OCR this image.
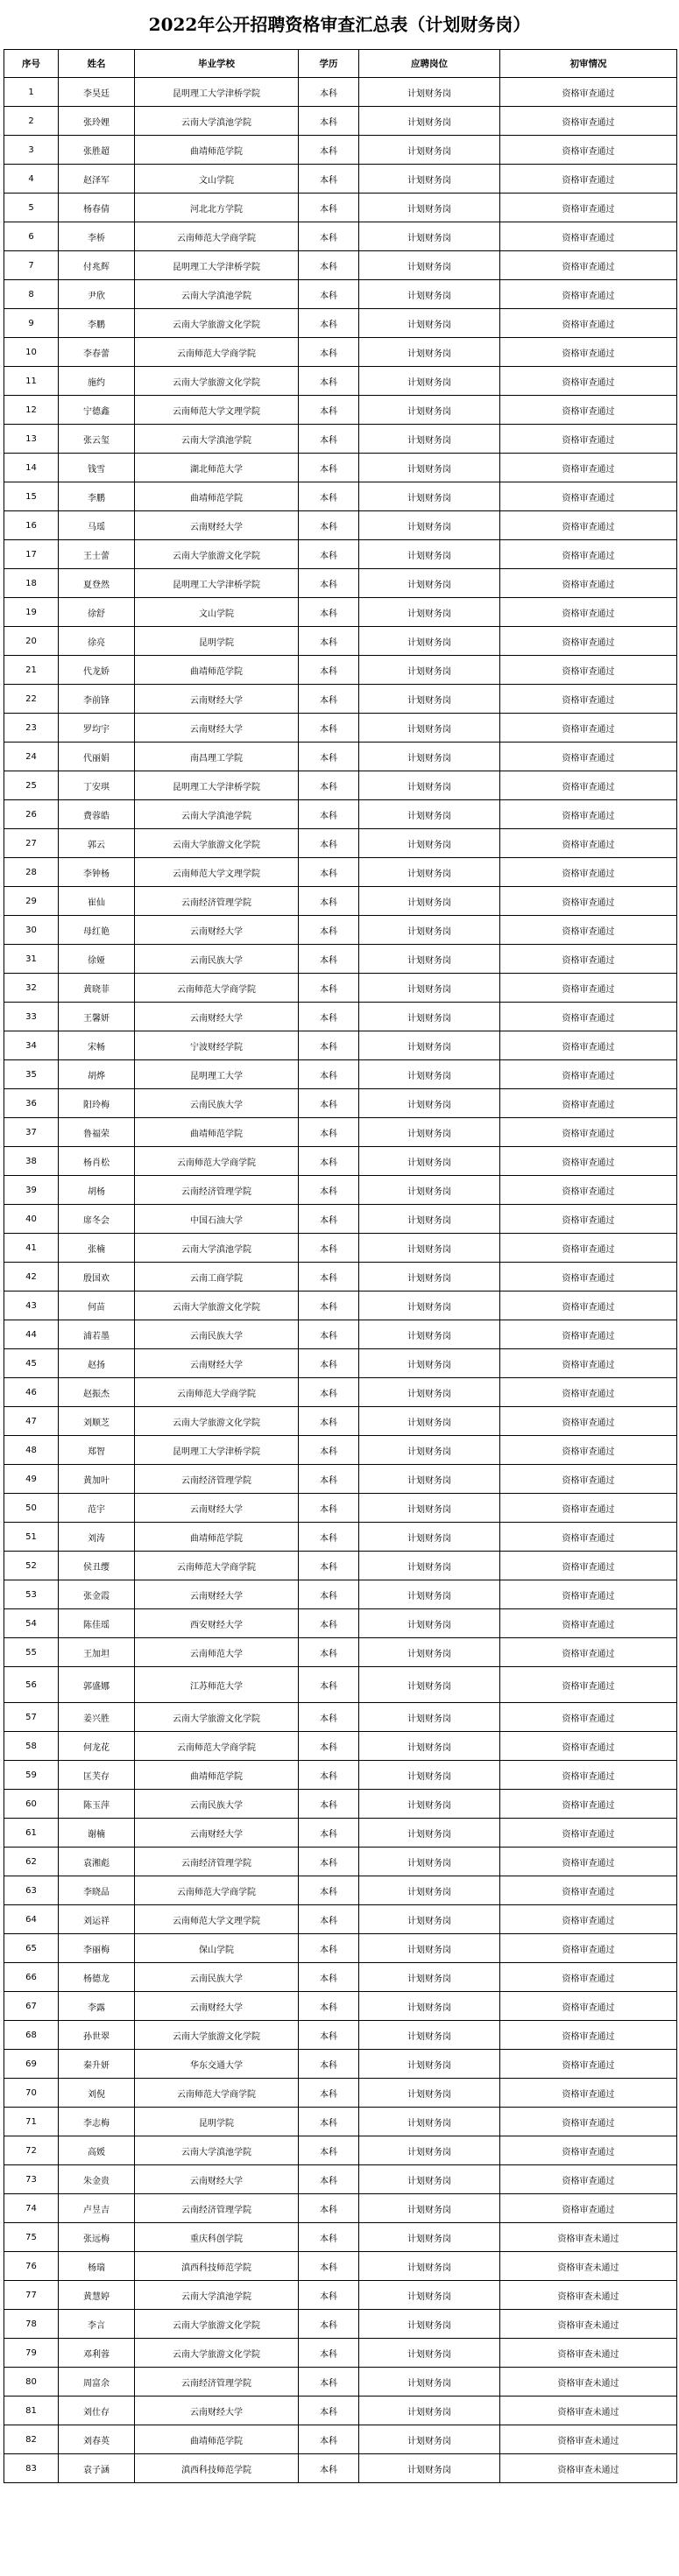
2022年公开招聘资格审查汇总表（计划财务岗）
序号	姓名	毕业学校	学历	应聘岗位	初审情况
1	李昊廷	昆明理工大学津桥学院	本科	计划财务岗	资格审查通过
2	张玲娌	云南大学滇池学院	本科	计划财务岗	资格审查通过
3	张胜超	曲靖师范学院	本科	计划财务岗	资格审查通过
4	赵泽军	文山学院	本科	计划财务岗	资格审查通过
5	杨春倩	河北北方学院	本科	计划财务岗	资格审查通过
6	李桥	云南师范大学商学院	本科	计划财务岗	资格审查通过
7	付兆辉	昆明理工大学津桥学院	本科	计划财务岗	资格审查通过
8	尹欣	云南大学滇池学院	本科	计划财务岗	资格审查通过
9	李鹏	云南大学旅游文化学院	本科	计划财务岗	资格审查通过
10	李春蕾	云南师范大学商学院	本科	计划财务岗	资格审查通过
11	施约	云南大学旅游文化学院	本科	计划财务岗	资格审查通过
12	宁德鑫	云南师范大学文理学院	本科	计划财务岗	资格审查通过
13	张云玺	云南大学滇池学院	本科	计划财务岗	资格审查通过
14	钱雪	湖北师范大学	本科	计划财务岗	资格审查通过
15	李鹏	曲靖师范学院	本科	计划财务岗	资格审查通过
16	马瑶	云南财经大学	本科	计划财务岗	资格审查通过
17	王士蕾	云南大学旅游文化学院	本科	计划财务岗	资格审查通过
18	夏登然	昆明理工大学津桥学院	本科	计划财务岗	资格审查通过
19	徐舒	文山学院	本科	计划财务岗	资格审查通过
20	徐亮	昆明学院	本科	计划财务岗	资格审查通过
21	代龙娇	曲靖师范学院	本科	计划财务岗	资格审查通过
22	李前锋	云南财经大学	本科	计划财务岗	资格审查通过
23	罗均宇	云南财经大学	本科	计划财务岗	资格审查通过
24	代丽娟	南昌理工学院	本科	计划财务岗	资格审查通过
25	丁安琪	昆明理工大学津桥学院	本科	计划财务岗	资格审查通过
26	费蓉皓	云南大学滇池学院	本科	计划财务岗	资格审查通过
27	郭云	云南大学旅游文化学院	本科	计划财务岗	资格审查通过
28	李钟杨	云南师范大学文理学院	本科	计划财务岗	资格审查通过
29	崔仙	云南经济管理学院	本科	计划财务岗	资格审查通过
30	母红艳	云南财经大学	本科	计划财务岗	资格审查通过
31	徐娅	云南民族大学	本科	计划财务岗	资格审查通过
32	黄晓菲	云南师范大学商学院	本科	计划财务岗	资格审查通过
33	王馨妍	云南财经大学	本科	计划财务岗	资格审查通过
34	宋畅	宁波财经学院	本科	计划财务岗	资格审查通过
35	胡烨	昆明理工大学	本科	计划财务岗	资格审查通过
36	阳玲梅	云南民族大学	本科	计划财务岗	资格审查通过
37	鲁福荣	曲靖师范学院	本科	计划财务岗	资格审查通过
38	杨肖松	云南师范大学商学院	本科	计划财务岗	资格审查通过
39	胡杨	云南经济管理学院	本科	计划财务岗	资格审查通过
40	席冬会	中国石油大学	本科	计划财务岗	资格审查通过
41	张楠	云南大学滇池学院	本科	计划财务岗	资格审查通过
42	殷国欢	云南工商学院	本科	计划财务岗	资格审查通过
43	何苗	云南大学旅游文化学院	本科	计划财务岗	资格审查通过
44	浦若墨	云南民族大学	本科	计划财务岗	资格审查通过
45	赵扬	云南财经大学	本科	计划财务岗	资格审查通过
46	赵振杰	云南师范大学商学院	本科	计划财务岗	资格审查通过
47	刘顺芝	云南大学旅游文化学院	本科	计划财务岗	资格审查通过
48	郑智	昆明理工大学津桥学院	本科	计划财务岗	资格审查通过
49	黄加叶	云南经济管理学院	本科	计划财务岗	资格审查通过
50	范宇	云南财经大学	本科	计划财务岗	资格审查通过
51	刘涛	曲靖师范学院	本科	计划财务岗	资格审查通过
52	侯丑缨	云南师范大学商学院	本科	计划财务岗	资格审查通过
53	张金霞	云南财经大学	本科	计划财务岗	资格审查通过
54	陈佳瑶	西安财经大学	本科	计划财务岗	资格审查通过
55	王加坦	云南师范大学	本科	计划财务岗	资格审查通过
56	郭盛娜	江苏师范大学	本科	计划财务岗	资格审查通过
57	姜兴胜	云南大学旅游文化学院	本科	计划财务岗	资格审查通过
58	何龙花	云南师范大学商学院	本科	计划财务岗	资格审查通过
59	匡芙存	曲靖师范学院	本科	计划财务岗	资格审查通过
60	陈玉萍	云南民族大学	本科	计划财务岗	资格审查通过
61	谢楠	云南财经大学	本科	计划财务岗	资格审查通过
62	袁湘彪	云南经济管理学院	本科	计划财务岗	资格审查通过
63	李晓品	云南师范大学商学院	本科	计划财务岗	资格审查通过
64	刘运祥	云南师范大学文理学院	本科	计划财务岗	资格审查通过
65	李丽梅	保山学院	本科	计划财务岗	资格审查通过
66	杨德龙	云南民族大学	本科	计划财务岗	资格审查通过
67	李露	云南财经大学	本科	计划财务岗	资格审查通过
68	孙世翠	云南大学旅游文化学院	本科	计划财务岗	资格审查通过
69	秦升妍	华东交通大学	本科	计划财务岗	资格审查通过
70	刘倪	云南师范大学商学院	本科	计划财务岗	资格审查通过
71	李志梅	昆明学院	本科	计划财务岗	资格审查通过
72	高媛	云南大学滇池学院	本科	计划财务岗	资格审查通过
73	朱金贵	云南财经大学	本科	计划财务岗	资格审查通过
74	卢昱吉	云南经济管理学院	本科	计划财务岗	资格审查通过
75	张远梅	重庆科创学院	本科	计划财务岗	资格审查未通过
76	杨瑞	滇西科技师范学院	本科	计划财务岗	资格审查未通过
77	黄慧婷	云南大学滇池学院	本科	计划财务岗	资格审查未通过
78	李言	云南大学旅游文化学院	本科	计划财务岗	资格审查未通过
79	邓利蓉	云南大学旅游文化学院	本科	计划财务岗	资格审查未通过
80	周富余	云南经济管理学院	本科	计划财务岗	资格审查未通过
81	刘仕存	云南财经大学	本科	计划财务岗	资格审查未通过
82	刘春英	曲靖师范学院	本科	计划财务岗	资格审查未通过
83	袁子涵	滇西科技师范学院	本科	计划财务岗	资格审查未通过
